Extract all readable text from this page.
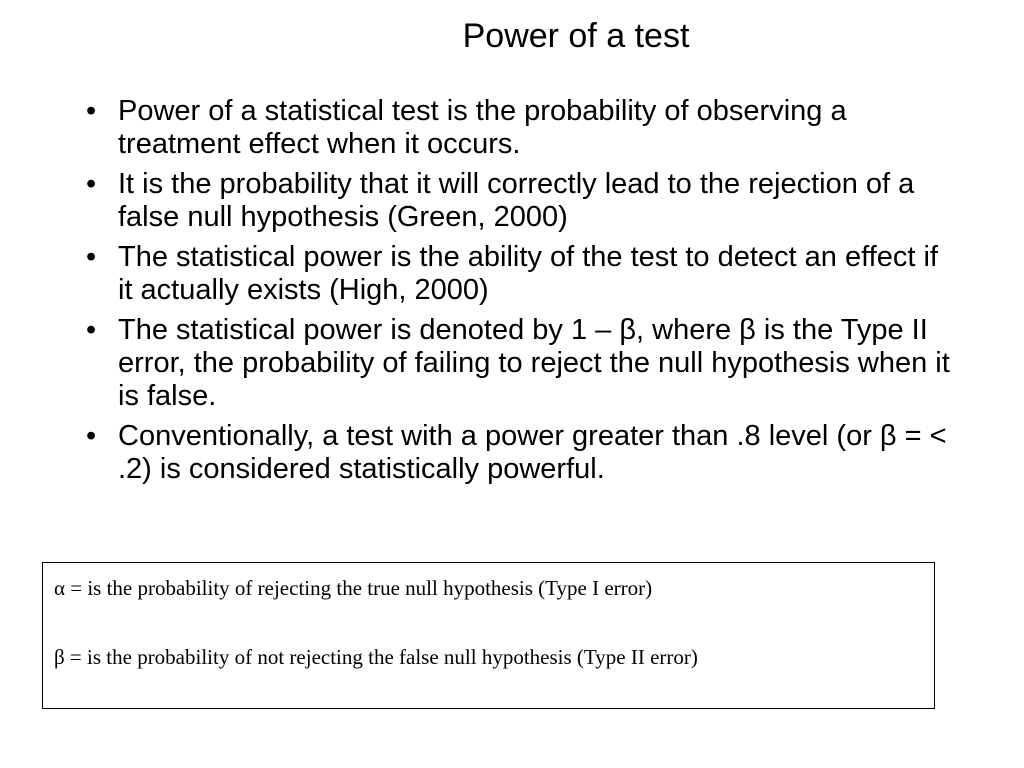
Power of a test
• Power of a statistical test is the probability of observing a treatment effect when it occurs.
• It is the probability that it will correctly lead to the rejection of a false null hypothesis (Green, 2000)
• The statistical power is the ability of the test to detect an effect if it actually exists (High, 2000)
• The statistical power is denoted by 1 – β, where β is the Type II error, the probability of failing to reject the null hypothesis when it is false.
• Conventionally, a test with a power greater than .8 level (or β = < .2) is considered statistically powerful.
α = is the probability of rejecting the true null hypothesis (Type I error)
β = is the probability of not rejecting the false null hypothesis (Type II error)
